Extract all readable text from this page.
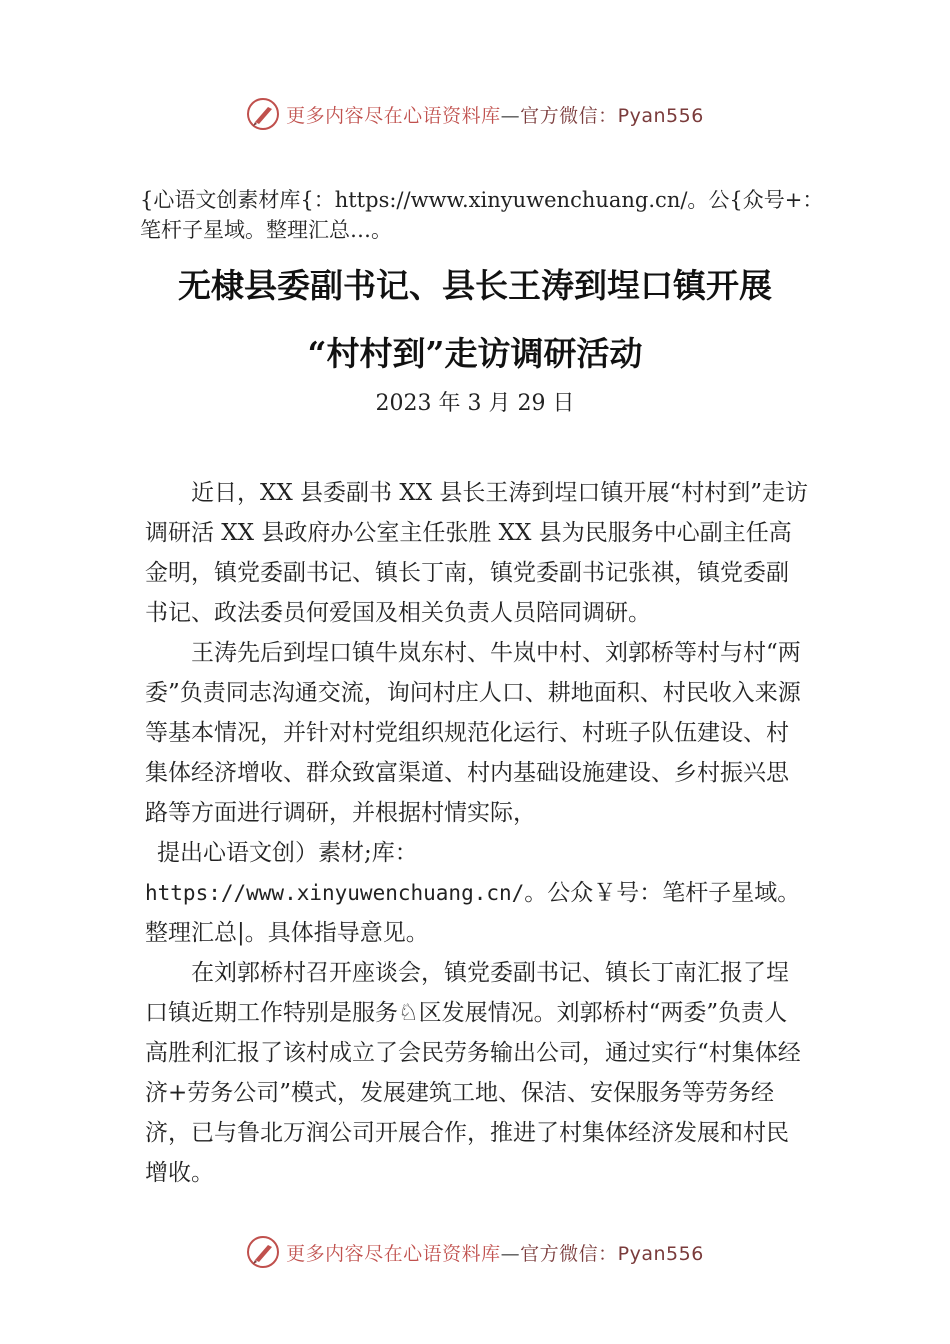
更多内容尽在心语资料库—官方微信：Pyan556
{心语文创素材库{：https://www.xinyuwenchuang.cn/。公{众号+：笔杆子星域。整理汇总…。
无棣县委副书记、县长王涛到埕口镇开展
“村村到”走访调研活动
2023 年 3 月 29 日

近日，XX 县委副书 XX 县长王涛到埕口镇开展“村村到”走访调研活 XX 县政府办公室主任张胜 XX 县为民服务中心副主任高金明，镇党委副书记、镇长丁南，镇党委副书记张祺，镇党委副书记、政法委员何爱国及相关负责人员陪同调研。

王涛先后到埕口镇牛岚东村、牛岚中村、刘郭桥等村与村“两委”负责同志沟通交流，询问村庄人口、耕地面积、村民收入来源等基本情况，并针对村党组织规范化运行、村班子队伍建设、村集体经济增收、群众致富渠道、村内基础设施建设、乡村振兴思路等方面进行调研，并根据村情实际，
提出心语文创）素材;库：
https://www.xinyuwenchuang.cn/。公众￥号：笔杆子星域。
整理汇总|。具体指导意见。

在刘郭桥村召开座谈会，镇党委副书记、镇长丁南汇报了埕口镇近期工作特别是服务♘区发展情况。刘郭桥村“两委”负责人高胜利汇报了该村成立了会民劳务输出公司，通过实行“村集体经济+劳务公司”模式，发展建筑工地、保洁、安保服务等劳务经济，已与鲁北万润公司开展合作，推进了村集体经济发展和村民增收。

更多内容尽在心语资料库—官方微信：Pyan556
